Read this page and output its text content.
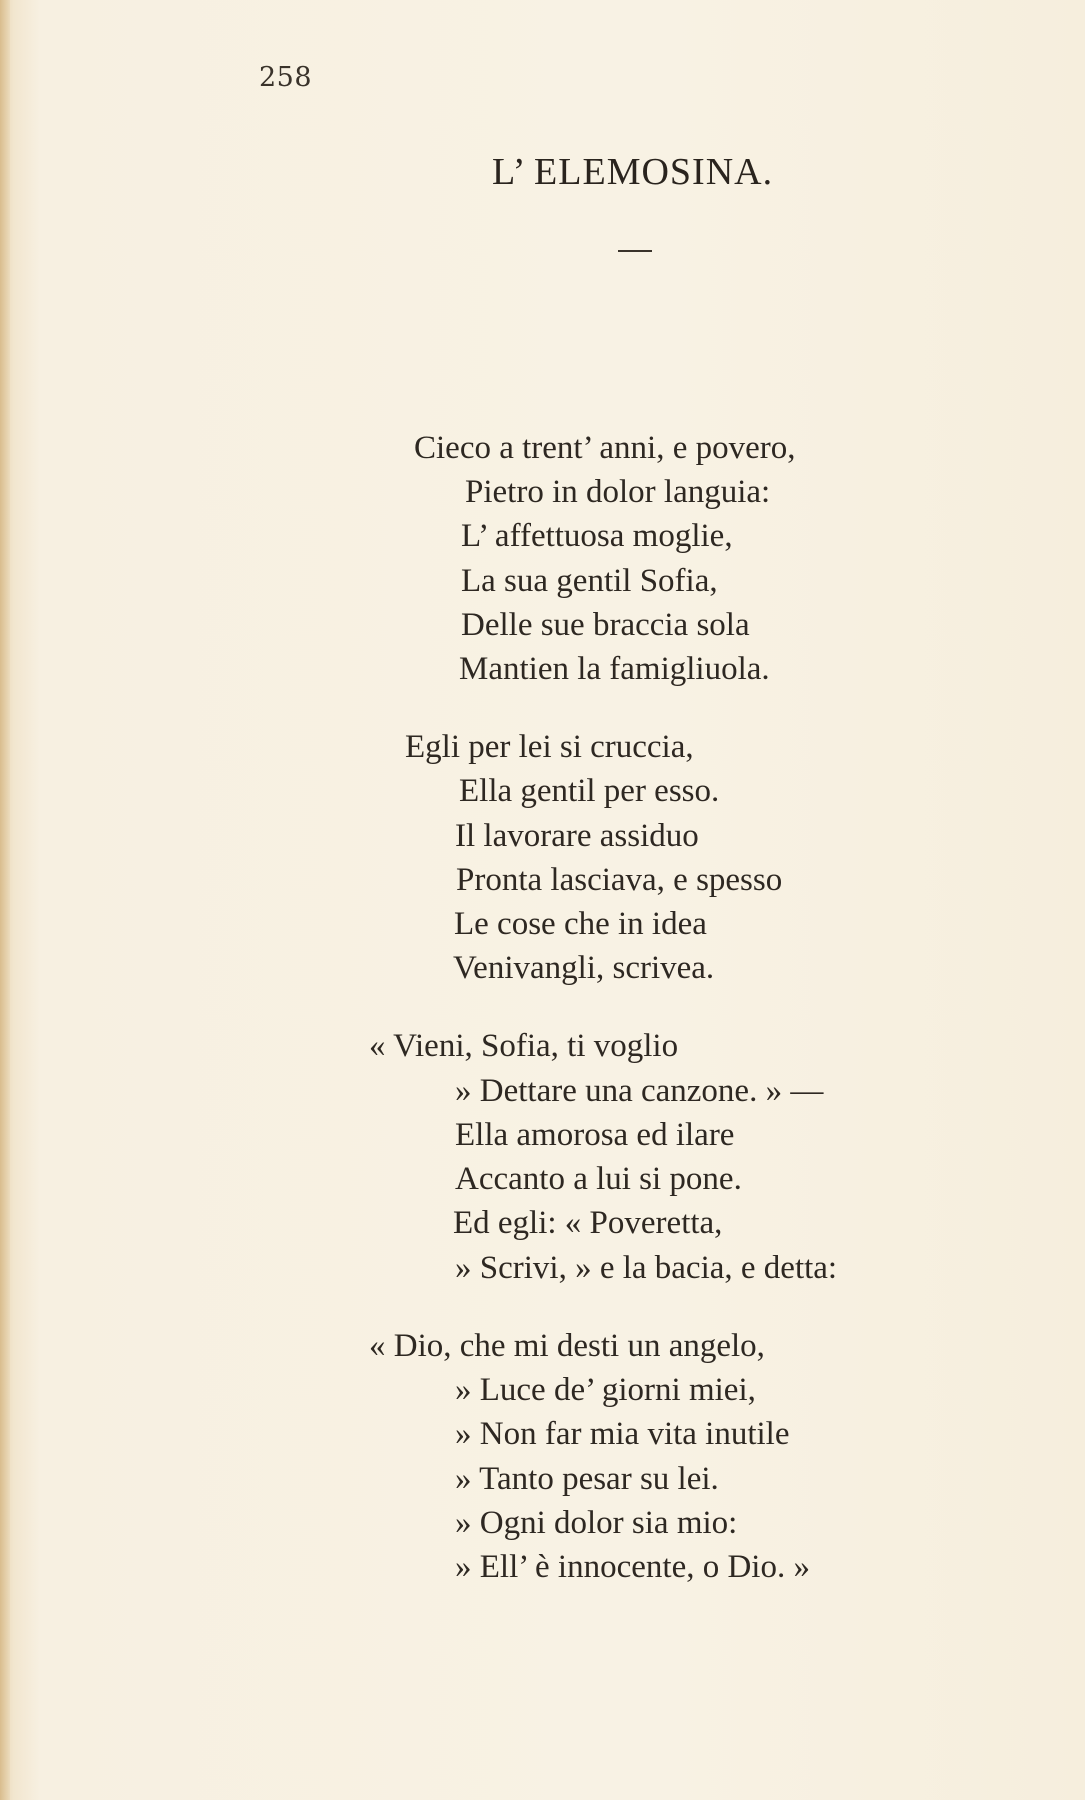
258
L’ ELEMOSINA.
Cieco a trent’ anni, e povero,
Pietro in dolor languia:
L’ affettuosa moglie,
La sua gentil Sofia,
Delle sue braccia sola
Mantien la famigliuola.
Egli per lei si cruccia,
Ella gentil per esso.
Il lavorare assiduo
Pronta lasciava, e spesso
Le cose che in idea
Venivangli, scrivea.
« Vieni, Sofia, ti voglio
» Dettare una canzone. » —
Ella amorosa ed ilare
Accanto a lui si pone.
Ed egli: « Poveretta,
» Scrivi, » e la bacia, e detta:
« Dio, che mi desti un angelo,
» Luce de’ giorni miei,
» Non far mia vita inutile
» Tanto pesar su lei.
» Ogni dolor sia mio:
» Ell’ è innocente, o Dio. »
